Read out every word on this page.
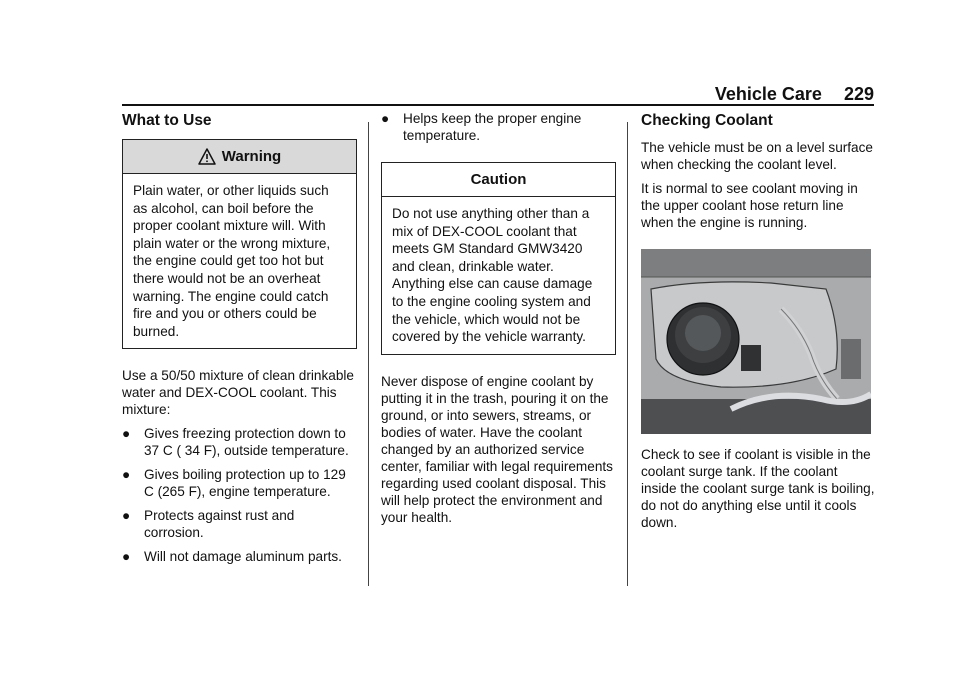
Vehicle Care 229
What to Use
Warning
Plain water, or other liquids such as alcohol, can boil before the proper coolant mixture will. With plain water or the wrong mixture, the engine could get too hot but there would not be an overheat warning. The engine could catch fire and you or others could be burned.

Use a 50/50 mixture of clean drinkable water and DEX-COOL coolant. This mixture:

●	Gives freezing protection down to 37 C ( 34 F), outside temperature.
●	Gives boiling protection up to 129 C (265 F), engine temperature.
●	Protects against rust and corrosion.
●	Will not damage aluminum parts.
●	Helps keep the proper engine temperature.
Caution
Do not use anything other than a mix of DEX-COOL coolant that meets GM Standard GMW3420 and clean, drinkable water. Anything else can cause damage to the engine cooling system and the vehicle, which would not be covered by the vehicle warranty.

Never dispose of engine coolant by putting it in the trash, pouring it on the ground, or into sewers, streams, or bodies of water. Have the coolant changed by an authorized service center, familiar with legal requirements regarding used coolant disposal. This will help protect the environment and your health.

Checking Coolant

The vehicle must be on a level surface when checking the coolant level.

It is normal to see coolant moving in the upper coolant hose return line when the engine is running.

Check to see if coolant is visible in the coolant surge tank. If the coolant inside the coolant surge tank is boiling, do not do anything else until it cools down.
